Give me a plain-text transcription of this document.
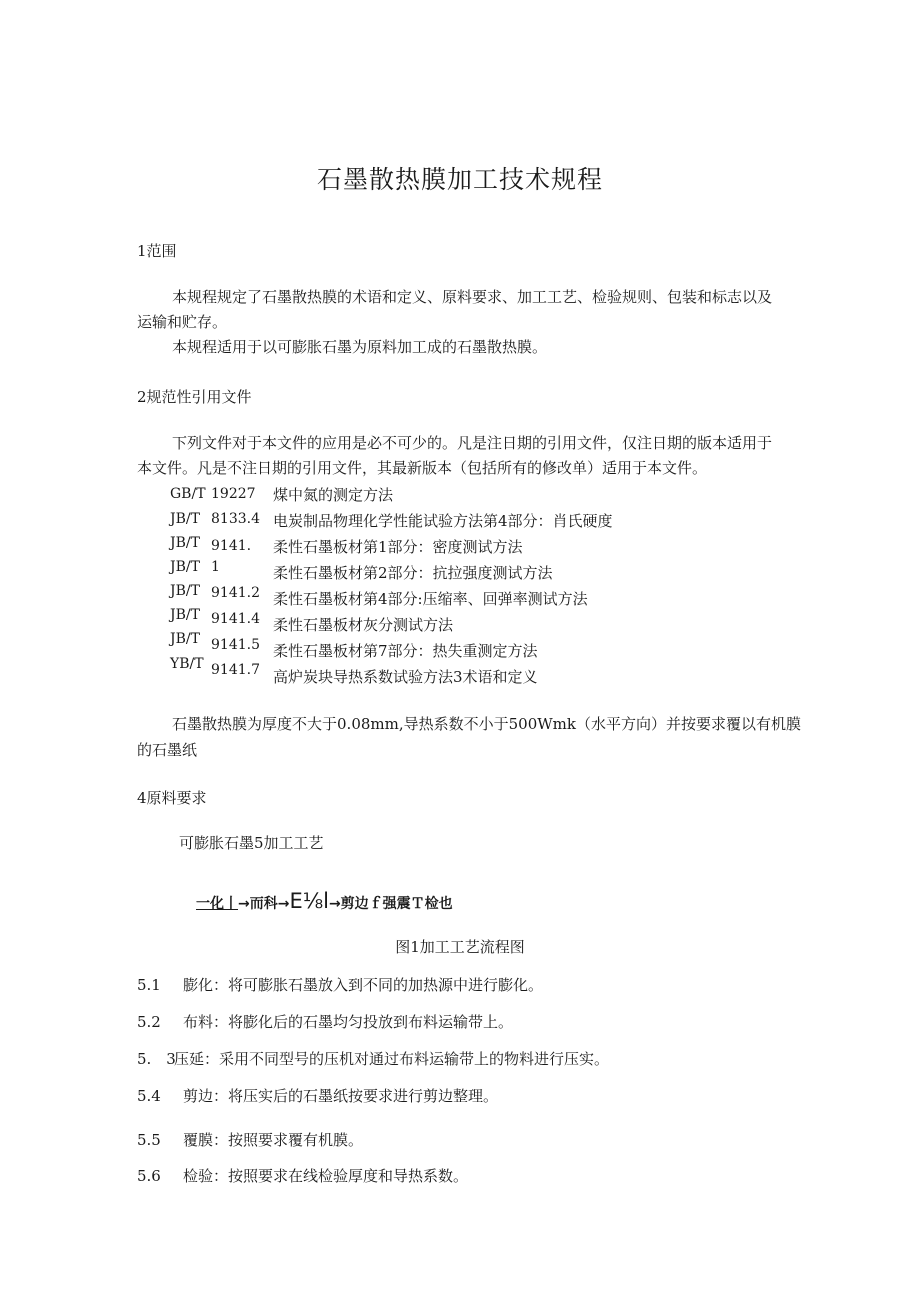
石墨散热膜加工技术规程
1范围
本规程规定了石墨散热膜的术语和定义、原料要求、加工工艺、检验规则、包装和标志以及
运输和贮存。
本规程适用于以可膨胀石墨为原料加工成的石墨散热膜。
2规范性引用文件
下列文件对于本文件的应用是必不可少的。凡是注日期的引用文件，仅注日期的版本适用于
本文件。凡是不注日期的引用文件，其最新版本（包括所有的修改单）适用于本文件。
GB/T
JB/T
JB/T
JB/T
JB/T
JB/T
JB/T
YB/T
19227
8133.4
9141.
1
9141.2
9141.4
9141.5
9141.7
煤中氮的测定方法
电炭制品物理化学性能试验方法第4部分：肖氏硬度
柔性石墨板材第1部分：密度测试方法
柔性石墨板材第2部分：抗拉强度测试方法
柔性石墨板材第4部分:压缩率、回弹率测试方法
柔性石墨板材灰分测试方法
柔性石墨板材第7部分：热失重测定方法
高炉炭块导热系数试验方法3术语和定义
石墨散热膜为厚度不大于0.08mm,导热系数不小于500Wmk（水平方向）并按要求覆以有机膜
的石墨纸
4原料要求
可膨胀石墨5加工工艺
一化丨→而科→E⅛l→剪边ｆ强震Ｔ检也
图1加工工艺流程图
5.1 膨化：将可膨胀石墨放入到不同的加热源中进行膨化。
5.2 布料：将膨化后的石墨均匀投放到布料运输带上。
5.　3压延：采用不同型号的压机对通过布料运输带上的物料进行压实。
5.4 剪边：将压实后的石墨纸按要求进行剪边整理。
5.5 覆膜：按照要求覆有机膜。
5.6 检验：按照要求在线检验厚度和导热系数。
